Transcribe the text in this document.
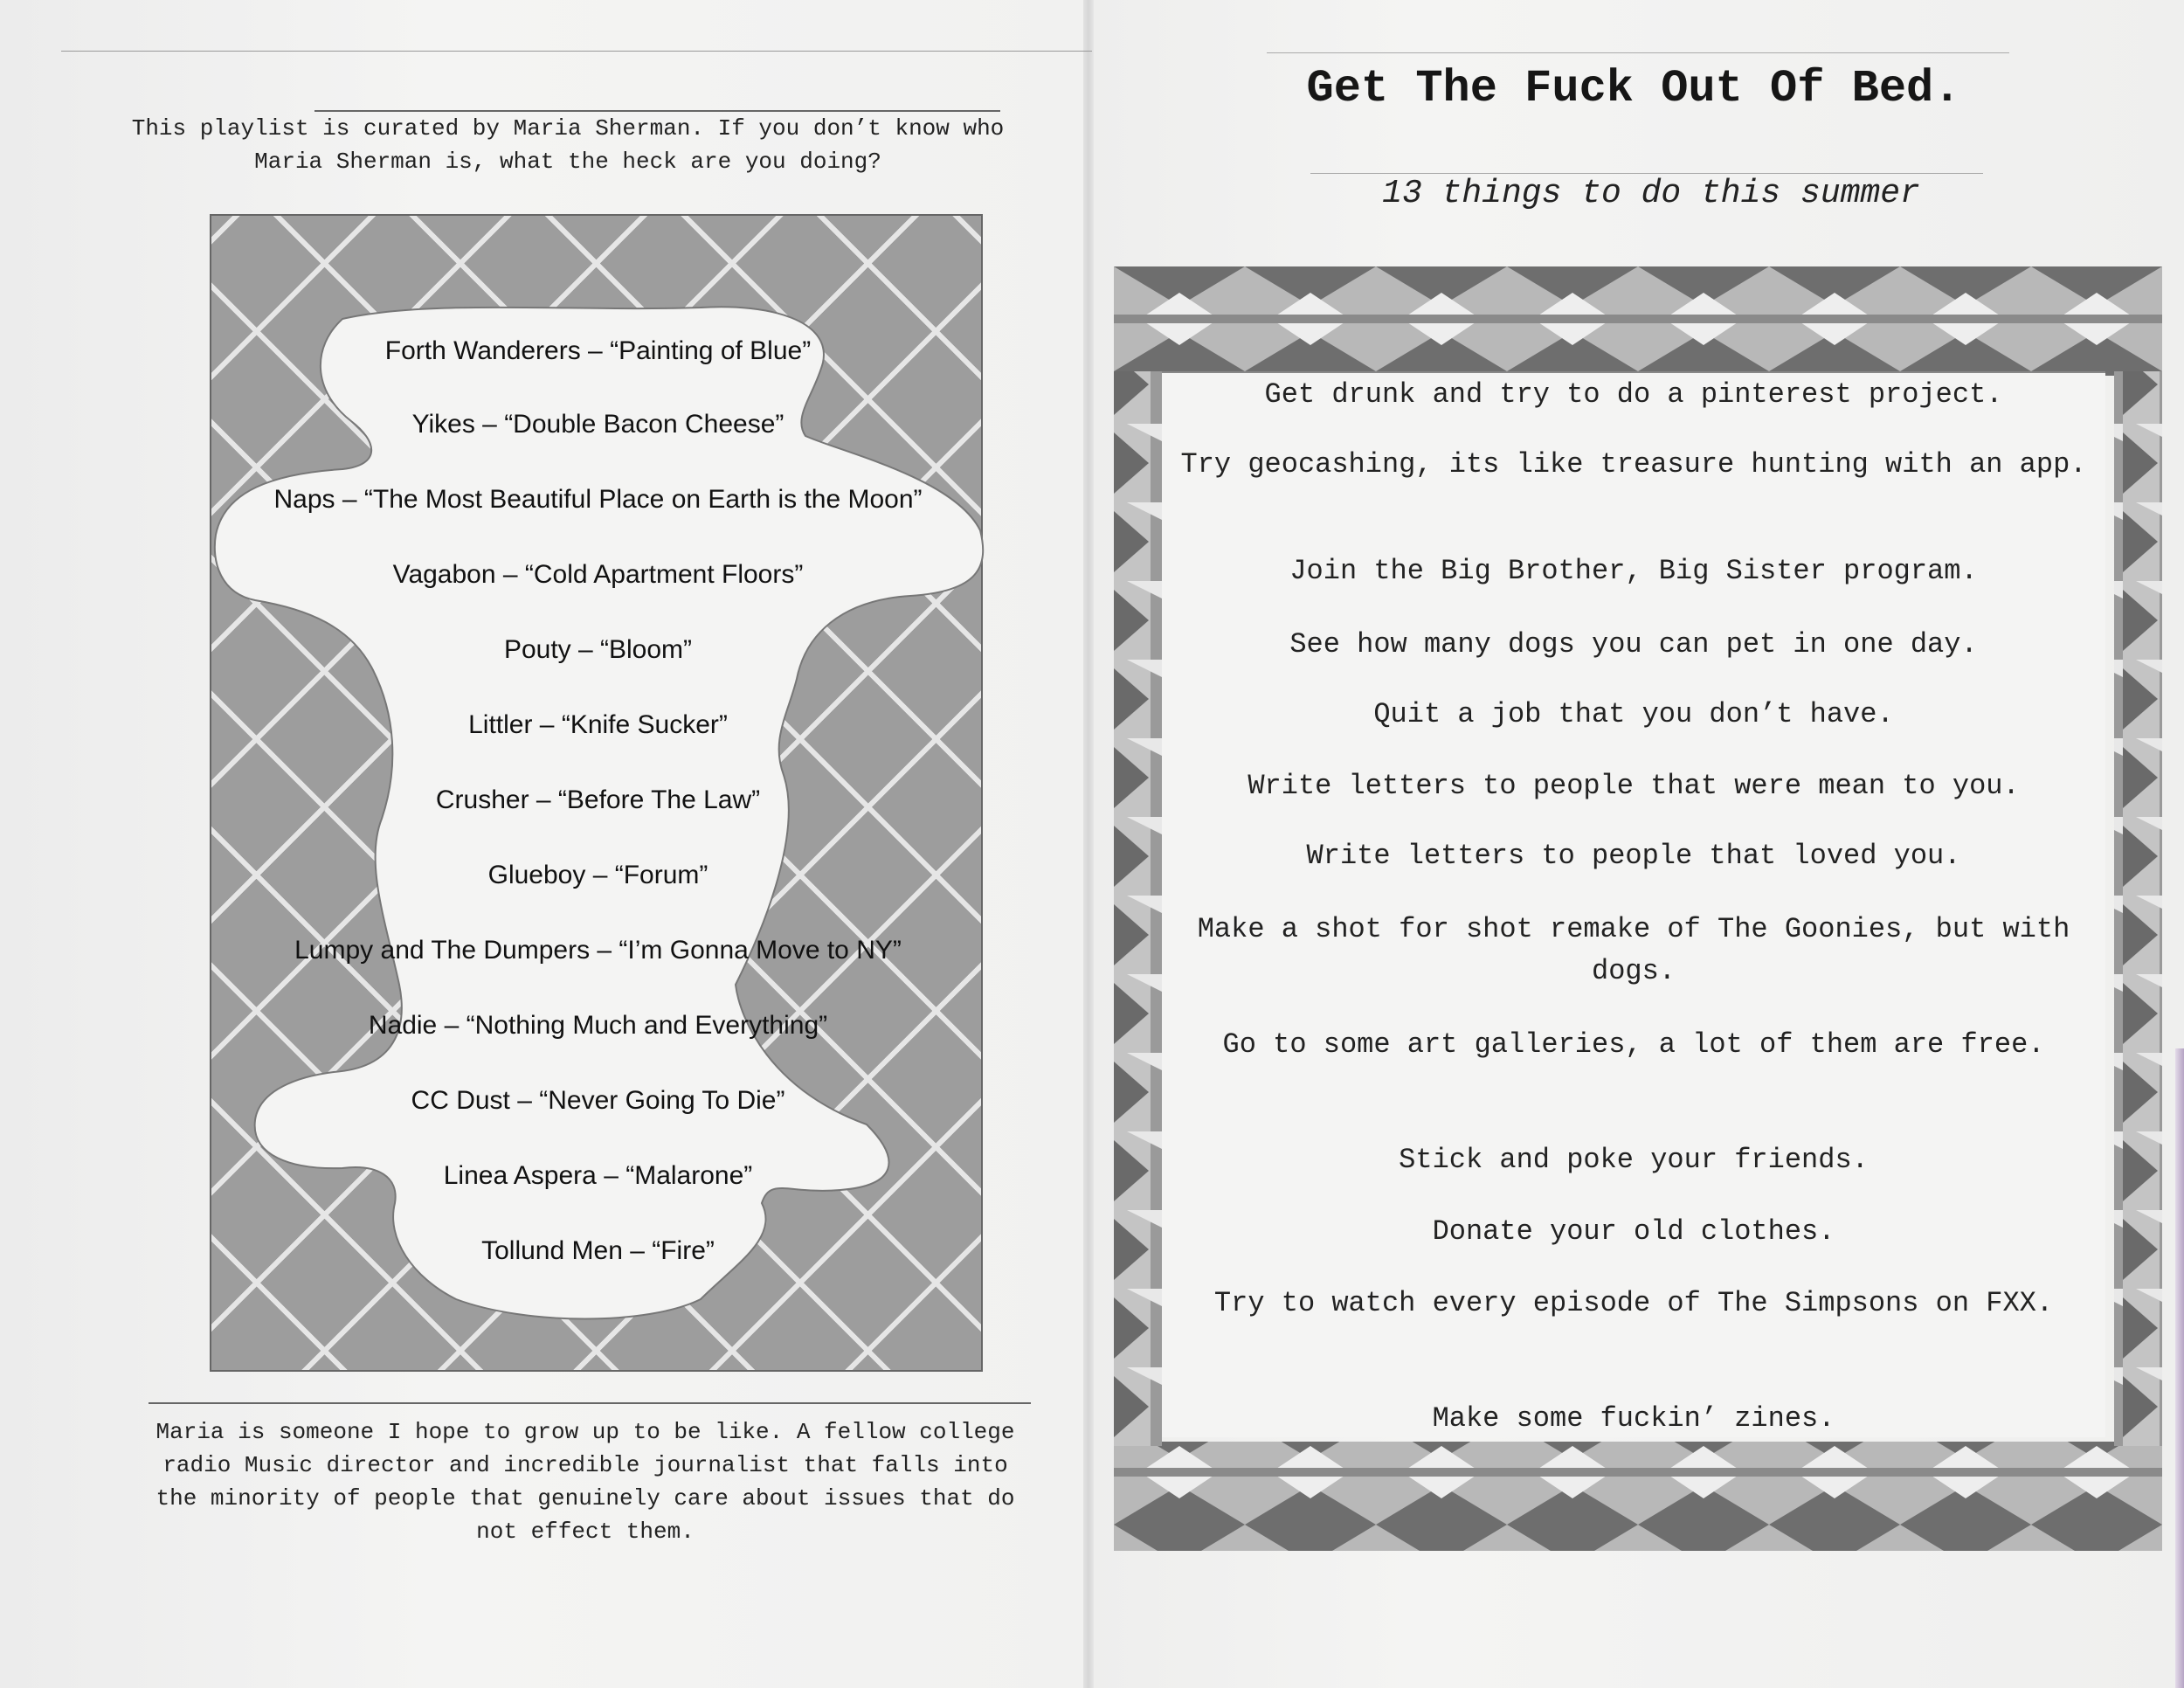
This playlist is curated by Maria Sherman. If you don’t know who Maria Sherman is, what the heck are you doing?
Forth Wanderers – “Painting of Blue”
Yikes – “Double Bacon Cheese”
Naps – “The Most Beautiful Place on Earth is the Moon”
Vagabon – “Cold Apartment Floors”
Pouty – “Bloom”
Littler – “Knife Sucker”
Crusher – “Before The Law”
Glueboy – “Forum”
Lumpy and The Dumpers – “I’m Gonna Move to NY”
Nadie – “Nothing Much and Everything”
CC Dust – “Never Going To Die”
Linea Aspera – “Malarone”
Tollund Men – “Fire”
Maria is someone I hope to grow up to be like. A fellow college radio Music director and incredible journalist that falls into the minority of people that genuinely care about issues that do not effect them.
Get The Fuck Out Of Bed.
13 things to do this summer
Get drunk and try to do a pinterest project.
Try geocashing, its like treasure hunting with an app.
Join the Big Brother, Big Sister program.
See how many dogs you can pet in one day.
Quit a job that you don’t have.
Write letters to people that were mean to you.
Write letters to people that loved you.
Make a shot for shot remake of The Goonies, but with dogs.
Go to some art galleries, a lot of them are free.
Stick and poke your friends.
Donate your old clothes.
Try to watch every episode of The Simpsons on FXX.
Make some fuckin’ zines.
